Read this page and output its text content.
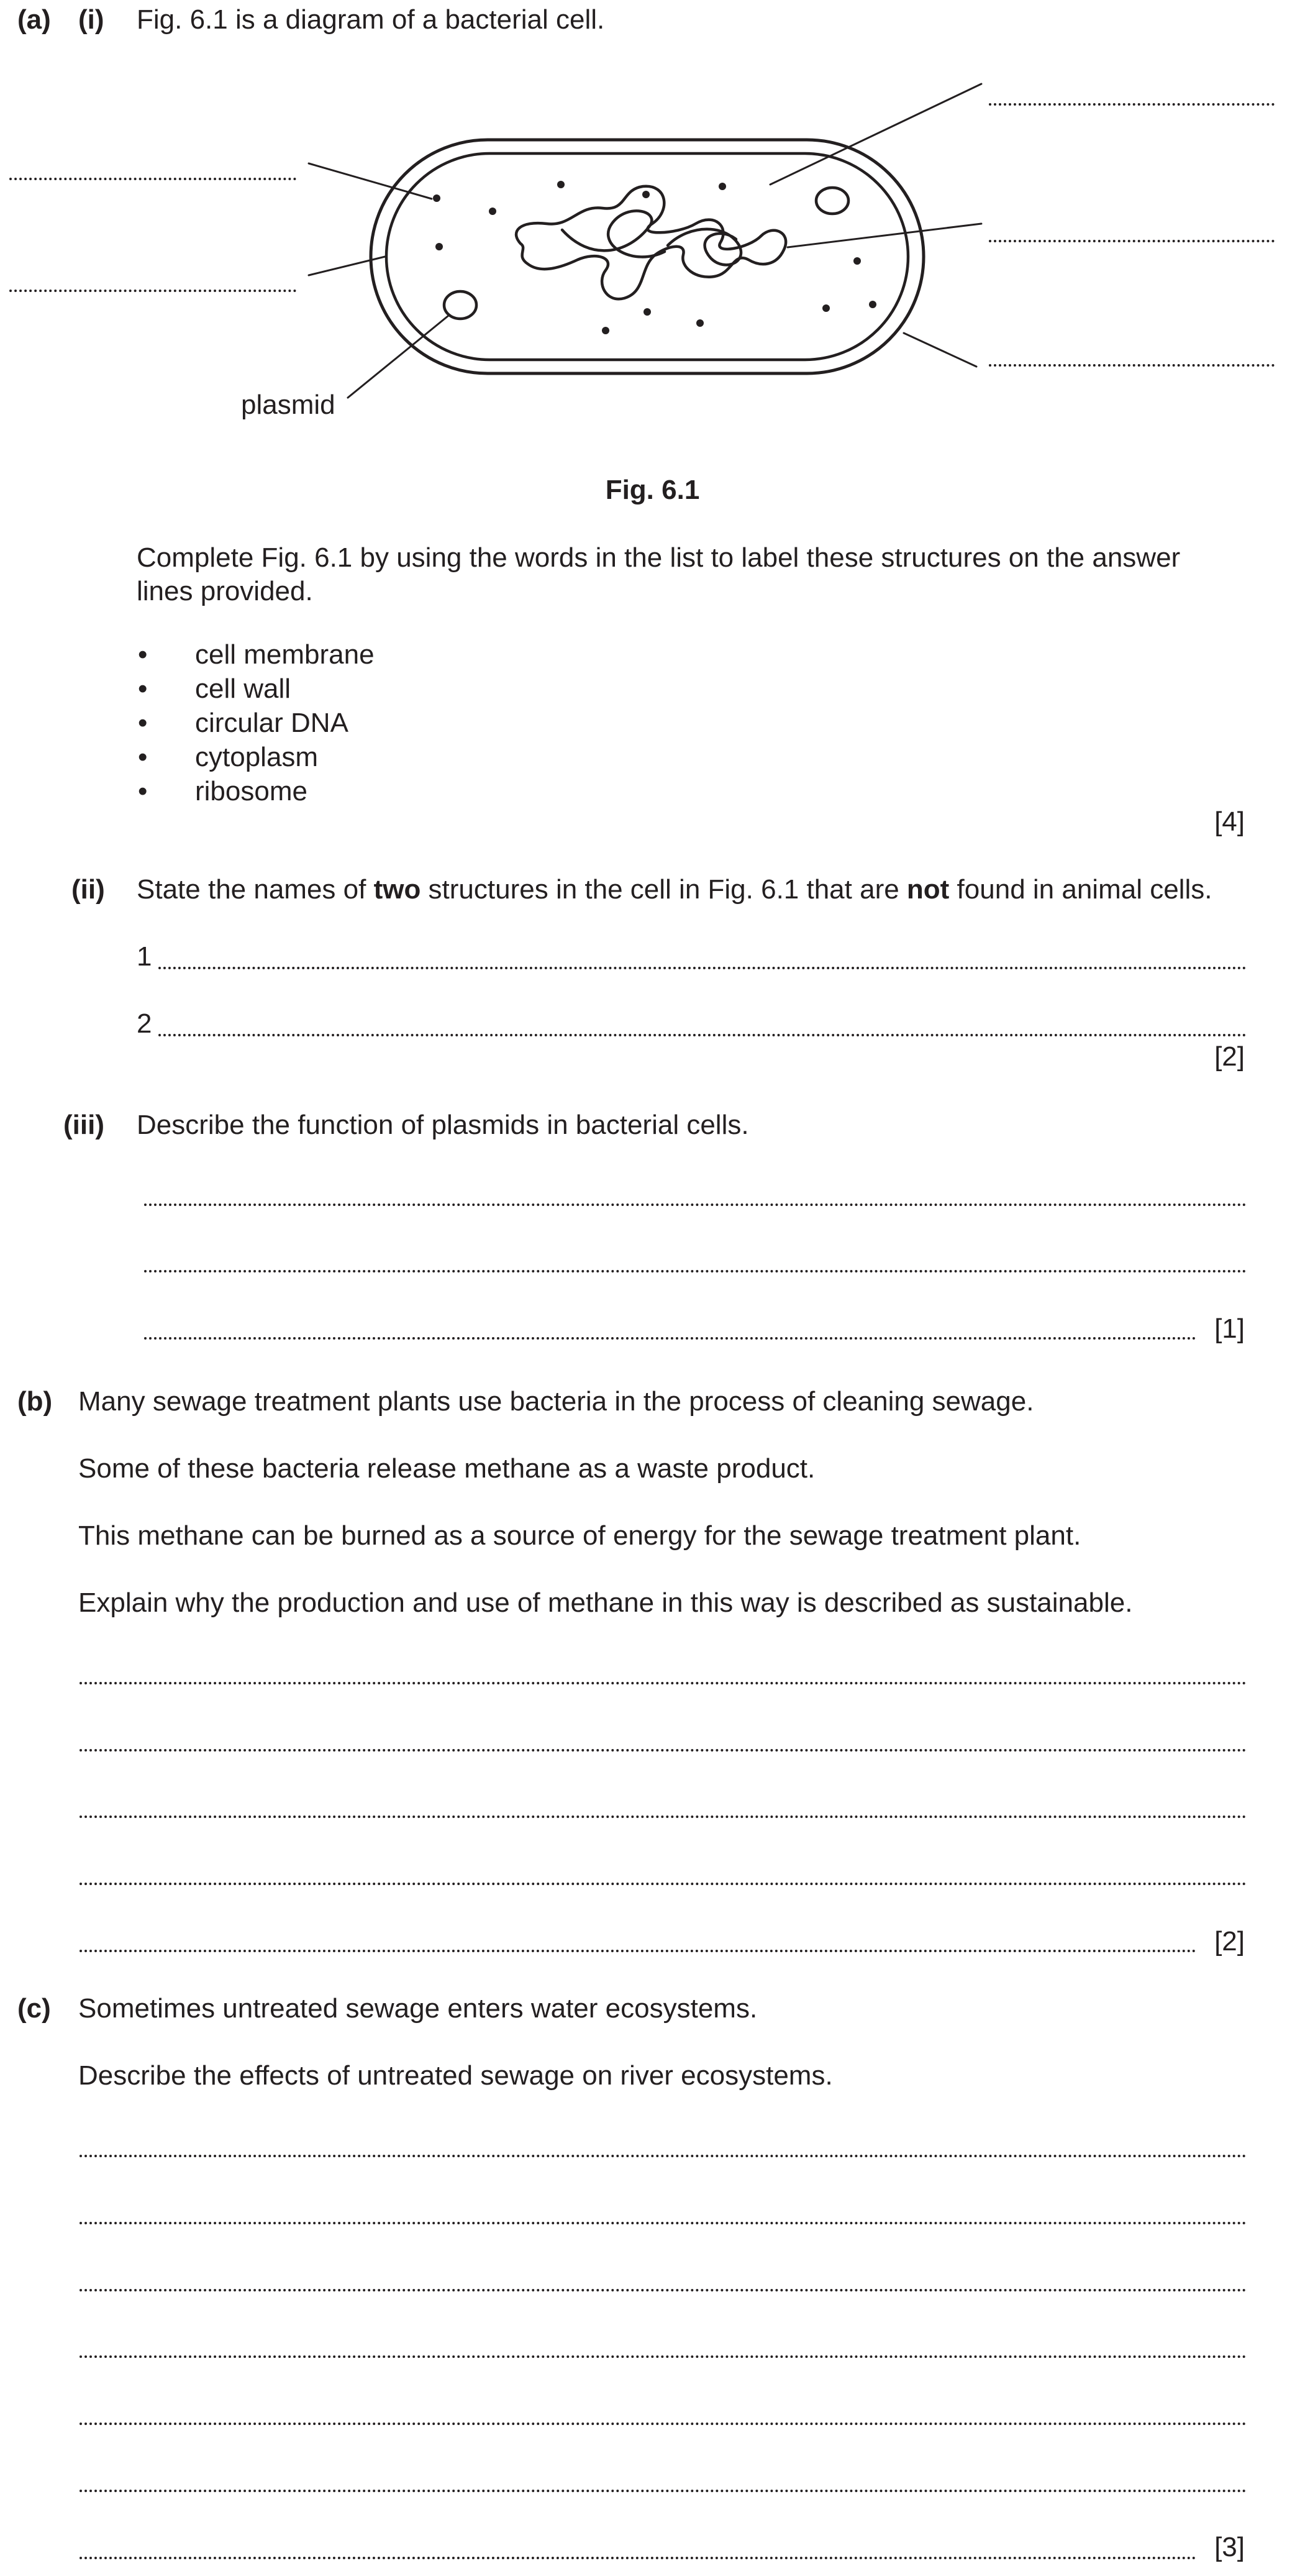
(a) (i) Fig. 6.1 is a diagram of a bacterial cell.
plasmid
Fig. 6.1
Complete Fig. 6.1 by using the words in the list to label these structures on the answer
lines provided.
• cell membrane
• cell wall
• circular DNA
• cytoplasm
• ribosome
[4]
(ii) State the names of two structures in the cell in Fig. 6.1 that are not found in animal cells.
1
2
[2]
(iii) Describe the function of plasmids in bacterial cells.
[1]
(b) Many sewage treatment plants use bacteria in the process of cleaning sewage.
Some of these bacteria release methane as a waste product.
This methane can be burned as a source of energy for the sewage treatment plant.
Explain why the production and use of methane in this way is described as sustainable.
[2]
(c) Sometimes untreated sewage enters water ecosystems.
Describe the effects of untreated sewage on river ecosystems.
[3]
